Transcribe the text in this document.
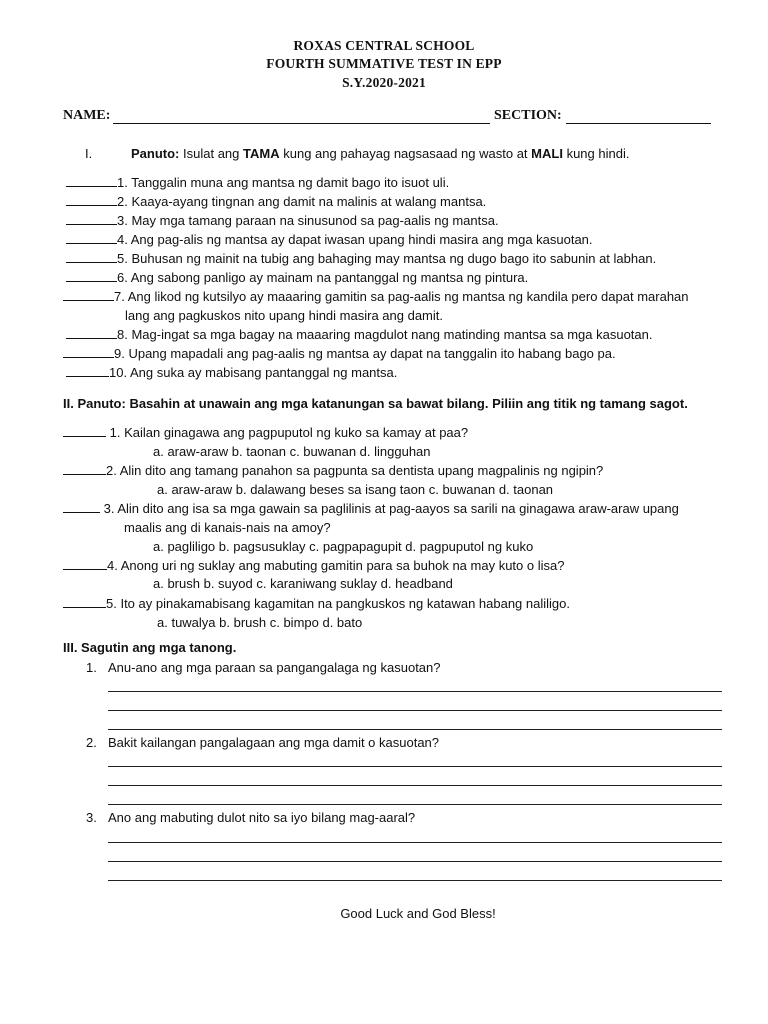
ROXAS CENTRAL SCHOOL
FOURTH SUMMATIVE TEST IN EPP
S.Y.2020-2021
NAME:	SECTION:
I.	Panuto: Isulat ang TAMA kung ang pahayag nagsasaad ng wasto at MALI kung hindi.
1. Tanggalin muna ang mantsa ng damit bago ito isuot uli.
2. Kaaya-ayang tingnan ang damit na malinis at walang mantsa.
3. May mga tamang paraan na sinusunod sa pag-aalis ng mantsa.
4. Ang pag-alis ng mantsa ay dapat iwasan upang hindi masira ang mga kasuotan.
5. Buhusan ng mainit na tubig ang bahaging may mantsa ng dugo bago ito sabunin at labhan.
6. Ang sabong panligo ay mainam na pantanggal ng mantsa ng pintura.
7. Ang likod ng kutsilyo ay maaaring gamitin sa pag-aalis ng mantsa ng kandila pero dapat marahan
lang ang pagkuskos nito upang hindi masira ang damit.
8. Mag-ingat sa mga bagay na maaaring magdulot nang matinding mantsa sa mga kasuotan.
9. Upang mapadali ang pag-aalis ng mantsa ay dapat na tanggalin ito habang bago pa.
10. Ang suka ay mabisang pantanggal ng mantsa.
II. Panuto: Basahin at unawain ang mga katanungan sa bawat bilang. Piliin ang titik ng tamang sagot.
1. Kailan ginagawa ang pagpuputol ng kuko sa kamay at paa?
a. araw-araw b. taonan c. buwanan d. lingguhan
2. Alin dito ang tamang panahon sa pagpunta sa dentista upang magpalinis ng ngipin?
a. araw-araw b. dalawang beses sa isang taon c. buwanan d. taonan
3. Alin dito ang isa sa mga gawain sa paglilinis at pag-aayos sa sarili na ginagawa araw-araw upang
maalis ang di kanais-nais na amoy?
a. pagliligo b. pagsusuklay c. pagpapagupit d. pagpuputol ng kuko
4. Anong uri ng suklay ang mabuting gamitin para sa buhok na may kuto o lisa?
a. brush b. suyod c. karaniwang suklay d. headband
5. Ito ay pinakamabisang kagamitan na pangkuskos ng katawan habang naliligo.
a. tuwalya b. brush c. bimpo d. bato
III. Sagutin ang mga tanong.
1. Anu-ano ang mga paraan sa pangangalaga ng kasuotan?
2. Bakit kailangan pangalagaan ang mga damit o kasuotan?
3. Ano ang mabuting dulot nito sa iyo bilang mag-aaral?
Good Luck and God Bless!
